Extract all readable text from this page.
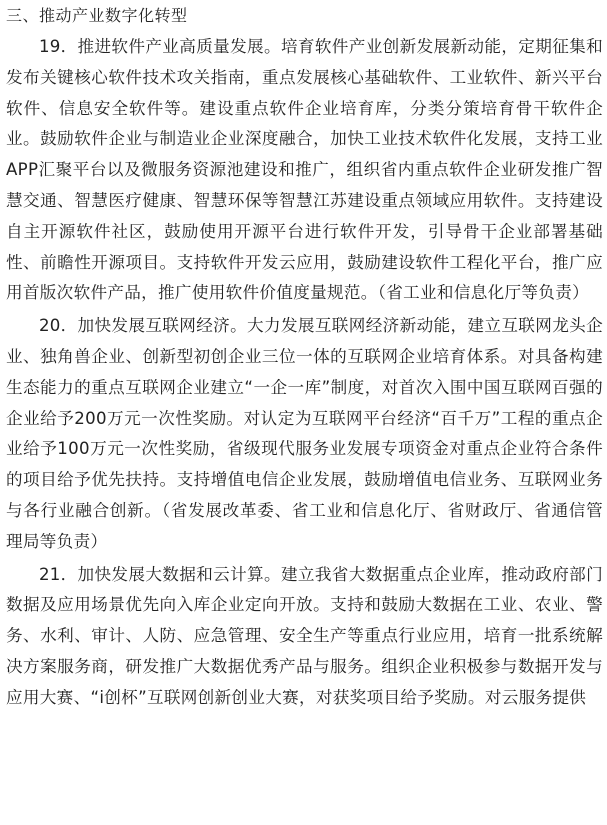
三、推动产业数字化转型

19．推进软件产业高质量发展。培育软件产业创新发展新动能，定期征集和发布关键核心软件技术攻关指南，重点发展核心基础软件、工业软件、新兴平台软件、信息安全软件等。建设重点软件企业培育库，分类分策培育骨干软件企业。鼓励软件企业与制造业企业深度融合，加快工业技术软件化发展，支持工业APP汇聚平台以及微服务资源池建设和推广，组织省内重点软件企业研发推广智慧交通、智慧医疗健康、智慧环保等智慧江苏建设重点领域应用软件。支持建设自主开源软件社区，鼓励使用开源平台进行软件开发，引导骨干企业部署基础性、前瞻性开源项目。支持软件开发云应用，鼓励建设软件工程化平台，推广应用首版次软件产品，推广使用软件价值度量规范。（省工业和信息化厅等负责）

20．加快发展互联网经济。大力发展互联网经济新动能，建立互联网龙头企业、独角兽企业、创新型初创企业三位一体的互联网企业培育体系。对具备构建生态能力的重点互联网企业建立“一企一库”制度，对首次入围中国互联网百强的企业给予200万元一次性奖励。对认定为互联网平台经济“百千万”工程的重点企业给予100万元一次性奖励，省级现代服务业发展专项资金对重点企业符合条件的项目给予优先扶持。支持增值电信企业发展，鼓励增值电信业务、互联网业务与各行业融合创新。（省发展改革委、省工业和信息化厅、省财政厅、省通信管理局等负责）

21．加快发展大数据和云计算。建立我省大数据重点企业库，推动政府部门数据及应用场景优先向入库企业定向开放。支持和鼓励大数据在工业、农业、警务、水利、审计、人防、应急管理、安全生产等重点行业应用，培育一批系统解决方案服务商，研发推广大数据优秀产品与服务。组织企业积极参与数据开发与应用大赛、“i创杯”互联网创新创业大赛，对获奖项目给予奖励。对云服务提供
